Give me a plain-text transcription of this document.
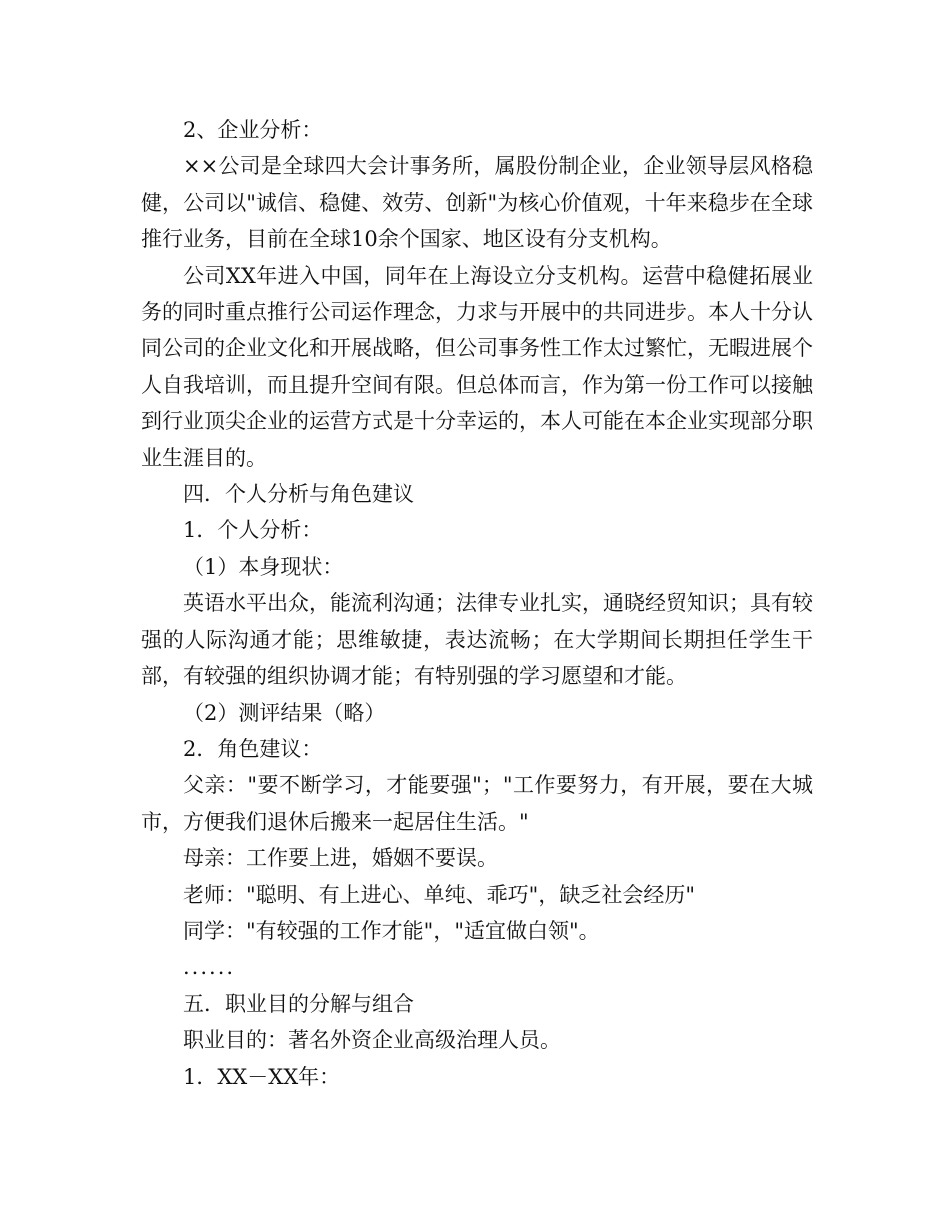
2、企业分析：

××公司是全球四大会计事务所，属股份制企业，企业领导层风格稳健，公司以"诚信、稳健、效劳、创新"为核心价值观，十年来稳步在全球推行业务，目前在全球10余个国家、地区设有分支机构。

公司XX年进入中国，同年在上海设立分支机构。运营中稳健拓展业务的同时重点推行公司运作理念，力求与开展中的共同进步。本人十分认同公司的企业文化和开展战略，但公司事务性工作太过繁忙，无暇进展个人自我培训，而且提升空间有限。但总体而言，作为第一份工作可以接触到行业顶尖企业的运营方式是十分幸运的，本人可能在本企业实现部分职业生涯目的。

四．个人分析与角色建议

1．个人分析：

（1）本身现状：

英语水平出众，能流利沟通；法律专业扎实，通晓经贸知识；具有较强的人际沟通才能；思维敏捷，表达流畅；在大学期间长期担任学生干部，有较强的组织协调才能；有特别强的学习愿望和才能。

（2）测评结果（略）

2．角色建议：

父亲："要不断学习，才能要强"；"工作要努力，有开展，要在大城市，方便我们退休后搬来一起居住生活。"

母亲：工作要上进，婚姻不要误。

老师："聪明、有上进心、单纯、乖巧"，缺乏社会经历"

同学："有较强的工作才能"，"适宜做白领"。

......

五．职业目的分解与组合

职业目的：著名外资企业高级治理人员。

1．XX－XX年：
